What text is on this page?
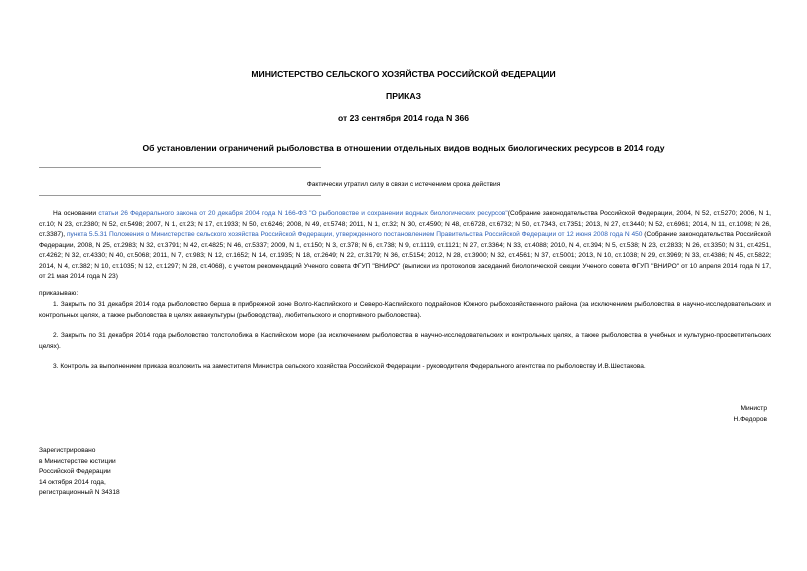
МИНИСТЕРСТВО СЕЛЬСКОГО ХОЗЯЙСТВА РОССИЙСКОЙ ФЕДЕРАЦИИ
ПРИКАЗ
от 23 сентября 2014 года N 366
Об установлении ограничений рыболовства в отношении отдельных видов водных биологических ресурсов в 2014 году
Фактически утратил силу в связи с истечением срока действия
На основании статьи 26 Федерального закона от 20 декабря 2004 года N 166-ФЗ "О рыболовстве и сохранении водных биологических ресурсов"(Собрание законодательства Российской Федерации, 2004, N 52, ст.5270; 2006, N 1, ст.10; N 23, ст.2380; N 52, ст.5498; 2007, N 1, ст.23; N 17, ст.1933; N 50, ст.6246; 2008, N 49, ст.5748; 2011, N 1, ст.32; N 30, ст.4590; N 48, ст.6728, ст.6732; N 50, ст.7343, ст.7351; 2013, N 27, ст.3440; N 52, ст.6961; 2014, N 11, ст.1098; N 26, ст.3387), пункта 5.5.31 Положения о Министерстве сельского хозяйства Российской Федерации, утвержденного постановлением Правительства Российской Федерации от 12 июня 2008 года N 450 (Собрание законодательства Российской Федерации, 2008, N 25, ст.2983; N 32, ст.3791; N 42, ст.4825; N 46, ст.5337; 2009, N 1, ст.150; N 3, ст.378; N 6, ст.738; N 9, ст.1119, ст.1121; N 27, ст.3364; N 33, ст.4088; 2010, N 4, ст.394; N 5, ст.538; N 23, ст.2833; N 26, ст.3350; N 31, ст.4251, ст.4262; N 32, ст.4330; N 40, ст.5068; 2011, N 7, ст.983; N 12, ст.1652; N 14, ст.1935; N 18, ст.2649; N 22, ст.3179; N 36, ст.5154; 2012, N 28, ст.3900; N 32, ст.4561; N 37, ст.5001; 2013, N 10, ст.1038; N 29, ст.3969; N 33, ст.4386; N 45, ст.5822; 2014, N 4, ст.382; N 10, ст.1035; N 12, ст.1297; N 28, ст.4068), с учетом рекомендаций Ученого совета ФГУП "ВНИРО" (выписки из протоколов заседаний биологической секции Ученого совета ФГУП "ВНИРО" от 10 апреля 2014 года N 17, от 21 мая 2014 года N 23)
приказываю:
1. Закрыть по 31 декабря 2014 года рыболовство берша в прибрежной зоне Волго-Каспийского и Северо-Каспийского подрайонов Южного рыбохозяйственного района (за исключением рыболовства в научно-исследовательских и контрольных целях, а также рыболовства в целях аквакультуры (рыбоводства), любительского и спортивного рыболовства).
2. Закрыть по 31 декабря 2014 года рыболовство толстолобика в Каспийском море (за исключением рыболовства в научно-исследовательских и контрольных целях, а также рыболовства в учебных и культурно-просветительских целях).
3. Контроль за выполнением приказа возложить на заместителя Министра сельского хозяйства Российской Федерации - руководителя Федерального агентства по рыболовству И.В.Шестакова.
Министр
Н.Федоров
Зарегистрировано
в Министерстве юстиции
Российской Федерации
14 октября 2014 года,
регистрационный N 34318
